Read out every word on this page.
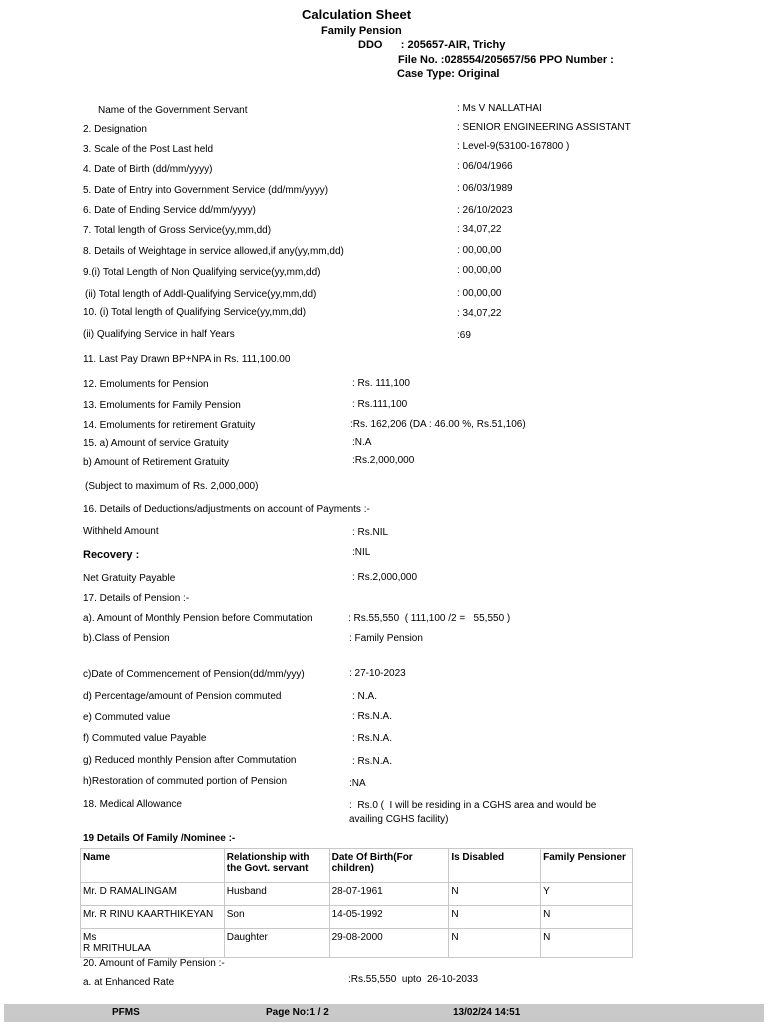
Calculation Sheet
Family Pension
DDO      : 205657-AIR, Trichy
File No. :028554/205657/56 PPO Number :
Case Type: Original
Name of the Government Servant	: Ms V NALLATHAI
2. Designation	: SENIOR ENGINEERING ASSISTANT
3. Scale of the Post Last held	: Level-9(53100-167800 )
4. Date of Birth (dd/mm/yyyy)	: 06/04/1966
5. Date of Entry into Government Service (dd/mm/yyyy)	: 06/03/1989
6. Date of Ending Service dd/mm/yyyy)	: 26/10/2023
7. Total length of Gross Service(yy,mm,dd)	: 34,07,22
8. Details of Weightage in service allowed,if any(yy,mm,dd)	: 00,00,00
9.(i) Total Length of Non Qualifying service(yy,mm,dd)	: 00,00,00
(ii) Total length of Addl-Qualifying Service(yy,mm,dd)	: 00,00,00
10. (i) Total length of Qualifying Service(yy,mm,dd)	: 34,07,22
(ii) Qualifying Service in half Years	:69
11. Last Pay Drawn BP+NPA in Rs. 111,100.00
12. Emoluments for Pension	: Rs. 111,100
13. Emoluments for Family Pension	: Rs.111,100
14. Emoluments for retirement Gratuity	:Rs. 162,206 (DA : 46.00 %, Rs.51,106)
15. a) Amount of service Gratuity	:N.A
b) Amount of Retirement Gratuity	:Rs.2,000,000
(Subject to maximum of Rs. 2,000,000)
16. Details of Deductions/adjustments on account of Payments :-
Withheld Amount	: Rs.NIL
Recovery :	:NIL
Net Gratuity Payable	: Rs.2,000,000
17. Details of Pension :-
a). Amount of Monthly Pension before Commutation	: Rs.55,550  ( 111,100 /2 =   55,550 )
b).Class of Pension	: Family Pension
c)Date of Commencement of Pension(dd/mm/yyy)	: 27-10-2023
d) Percentage/amount of Pension commuted	: N.A.
e) Commuted value	: Rs.N.A.
f) Commuted value Payable	: Rs.N.A.
g) Reduced monthly Pension after Commutation	: Rs.N.A.
h)Restoration of commuted portion of Pension	:NA
18. Medical Allowance	:  Rs.0 (  I will be residing in a CGHS area and would be
availing CGHS facility)
19 Details Of Family /Nominee :-
Name	Relationship with the Govt. servant	Date Of Birth(For children)	Is Disabled	Family Pensioner
Mr. D RAMALINGAM	Husband	28-07-1961	N	Y
Mr. R RINU KAARTHIKEYAN	Son	14-05-1992	N	N
Ms
R MRITHULAA	Daughter	29-08-2000	N	N
20. Amount of Family Pension :-
a. at Enhanced Rate	:Rs.55,550  upto  26-10-2033
PFMS	Page No:1 / 2	13/02/24 14:51
